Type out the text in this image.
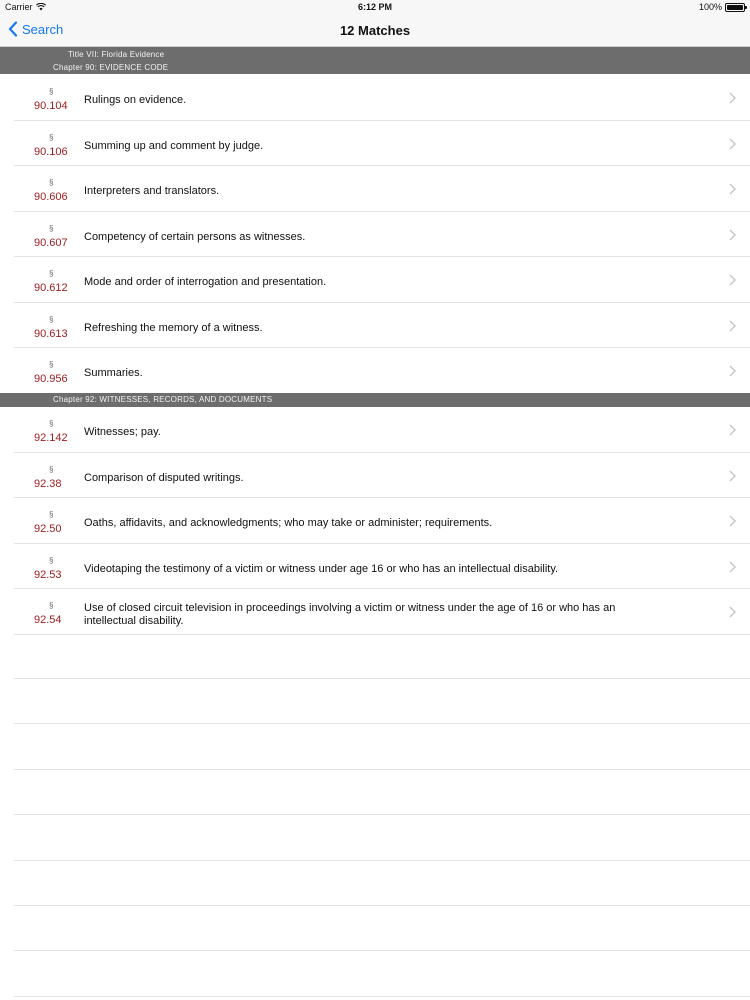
Carrier	6:12 PM	100%
Search	12 Matches
Title VII: Florida Evidence
Chapter 90: EVIDENCE CODE
§
90.104 Rulings on evidence.
§
90.106 Summing up and comment by judge.
§
90.606 Interpreters and translators.
§
90.607 Competency of certain persons as witnesses.
§
90.612 Mode and order of interrogation and presentation.
§
90.613 Refreshing the memory of a witness.
§
90.956 Summaries.
Chapter 92: WITNESSES, RECORDS, AND DOCUMENTS
§
92.142 Witnesses; pay.
§
92.38 Comparison of disputed writings.
§
92.50 Oaths, affidavits, and acknowledgments; who may take or administer; requirements.
§
92.53 Videotaping the testimony of a victim or witness under age 16 or who has an intellectual disability.
§
92.54
Use of closed circuit television in proceedings involving a victim or witness under the age of 16 or who has an intellectual disability.
